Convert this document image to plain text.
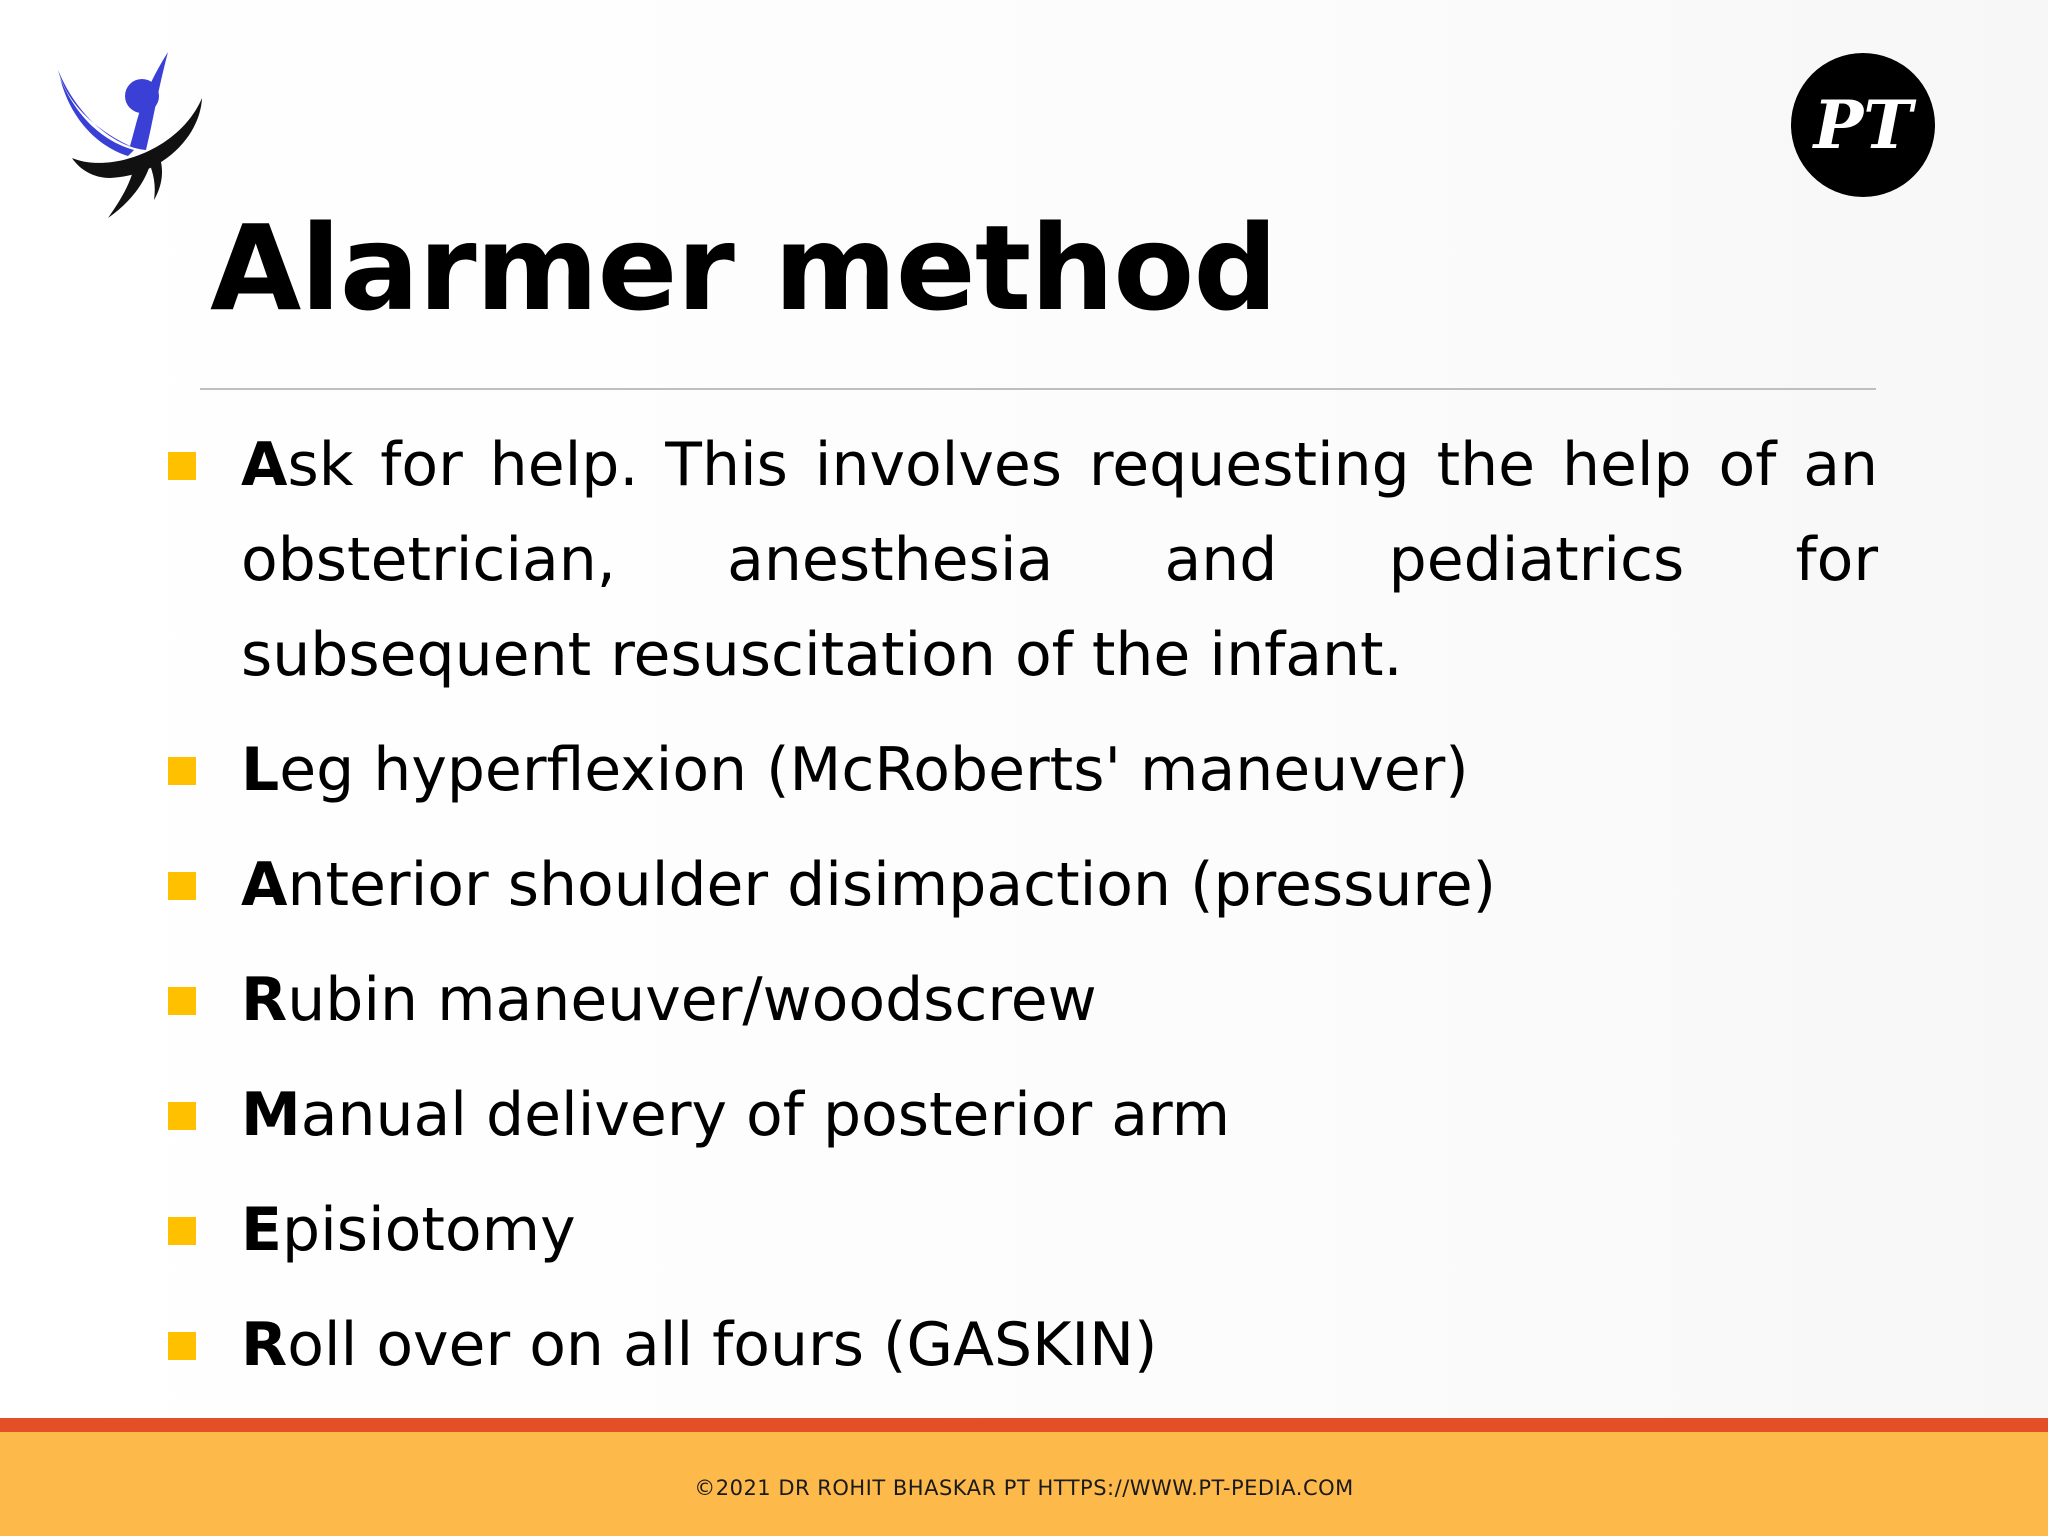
PT
Alarmer method
Ask for help. This involves requesting the help of an obstetrician, anesthesia and pediatrics for subsequent resuscitation of the infant.
Leg hyperflexion (McRoberts' maneuver)
Anterior shoulder disimpaction (pressure)
Rubin maneuver/woodscrew
Manual delivery of posterior arm
Episiotomy
Roll over on all fours (GASKIN)
©2021 DR ROHIT BHASKAR PT HTTPS://WWW.PT-PEDIA.COM
